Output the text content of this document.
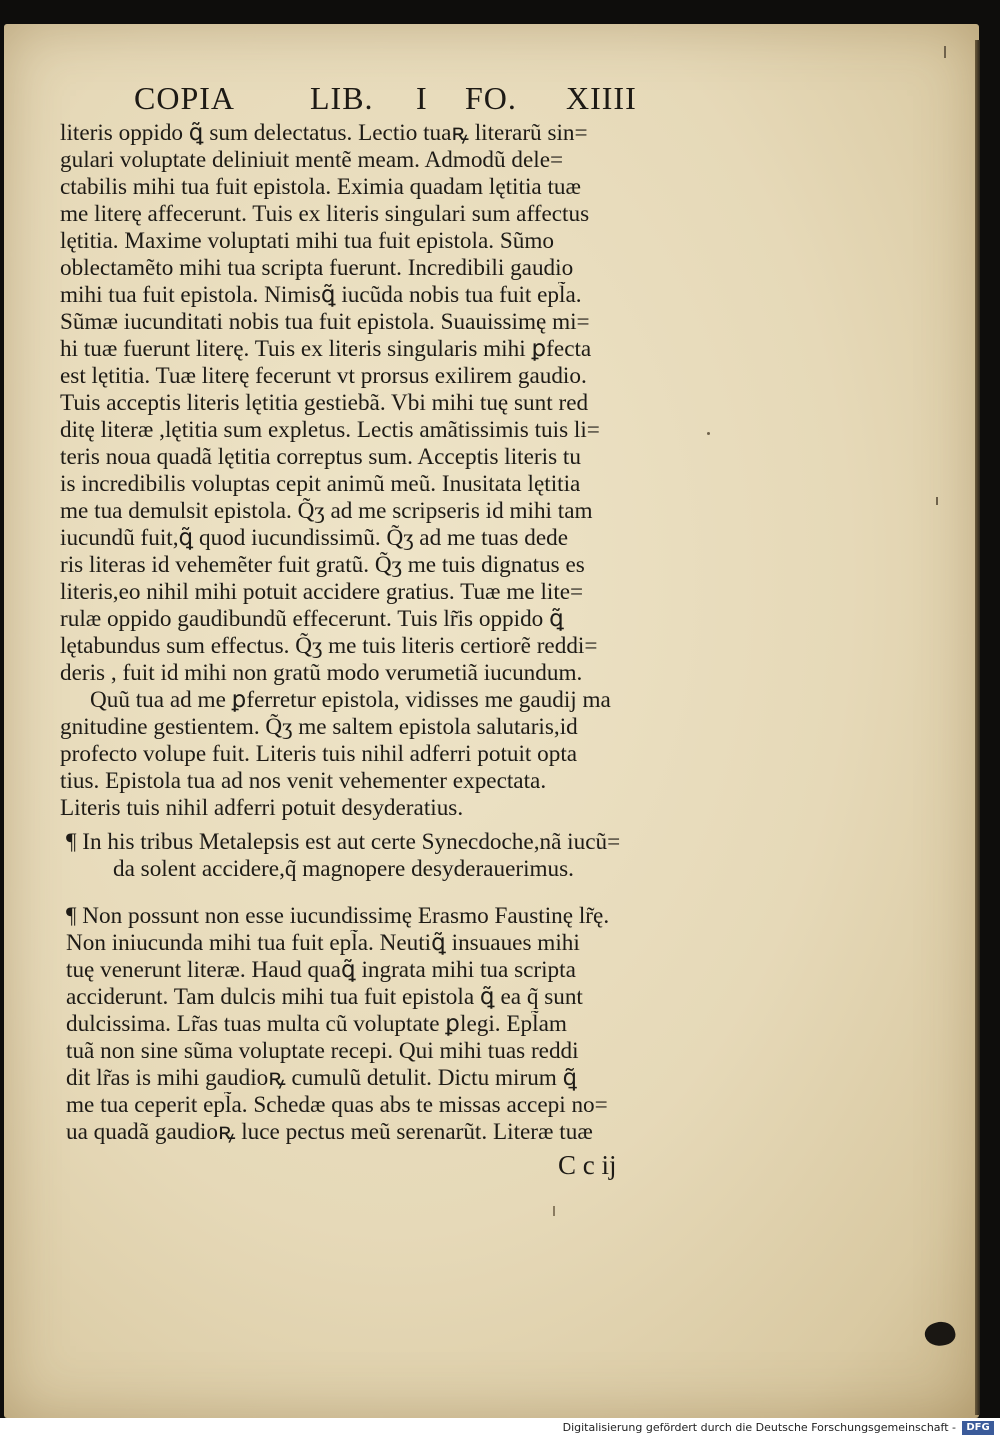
COPIA LIB. I FO. XIIII
literis oppido ꝗ̃ sum delectatus. Lectio tuaꝶ literarũ sin=
gulari voluptate deliniuit mentẽ meam. Admodũ dele=
ctabilis mihi tua fuit epistola. Eximia quadam lętitia tuæ
me literę affecerunt. Tuis ex literis singulari sum affectus
lętitia. Maxime voluptati mihi tua fuit epistola. Sũmo
oblectamẽto mihi tua scripta fuerunt. Incredibili gaudio
mihi tua fuit epistola. Nimisꝗ̃ iucũda nobis tua fuit epl̃a.
Sũmæ iucunditati nobis tua fuit epistola. Suauissimę mi=
hi tuæ fuerunt literę. Tuis ex literis singularis mihi ꝑfecta
est lętitia. Tuæ literę fecerunt vt prorsus exilirem gaudio.
Tuis acceptis literis lętitia gestiebã. Vbi mihi tuę sunt red
ditę literæ ,lętitia sum expletus. Lectis amãtissimis tuis li=
teris noua quadã lętitia correptus sum. Acceptis literis tu
is incredibilis voluptas cepit animũ meũ. Inusitata lętitia
me tua demulsit epistola. Q̃ʒ ad me scripseris id mihi tam
iucundũ fuit,ꝗ̃ quod iucundissimũ. Q̃ʒ ad me tuas dede
ris literas id vehemẽter fuit gratũ. Q̃ʒ me tuis dignatus es
literis,eo nihil mihi potuit accidere gratius. Tuæ me lite=
rulæ oppido gaudibundũ effecerunt. Tuis lr̃is oppido ꝗ̃
lętabundus sum effectus. Q̃ʒ me tuis literis certiorẽ reddi=
deris , fuit id mihi non gratũ modo verumetiã iucundum.
Quũ tua ad me ꝑferretur epistola, vidisses me gaudij ma
gnitudine gestientem. Q̃ʒ me saltem epistola salutaris,id
profecto volupe fuit. Literis tuis nihil adferri potuit opta
tius. Epistola tua ad nos venit vehementer expectata.
Literis tuis nihil adferri potuit desyderatius.
¶ In his tribus Metalepsis est aut certe Synecdoche,nã iucũ=
da solent accidere,q̃ magnopere desyderauerimus.
¶ Non possunt non esse iucundissimę Erasmo Faustinę lr̃ę.
Non iniucunda mihi tua fuit epl̃a. Neutiꝗ̃ insuaues mihi
tuę venerunt literæ. Haud quaꝗ̃ ingrata mihi tua scripta
acciderunt. Tam dulcis mihi tua fuit epistola ꝗ̃ ea q̃ sunt
dulcissima. Lr̃as tuas multa cũ voluptate ꝑlegi. Epl̃am
tuã non sine sũma voluptate recepi. Qui mihi tuas reddi
dit lr̃as is mihi gaudioꝶ cumulũ detulit. Dictu mirum ꝗ̃
me tua ceperit epl̃a. Schedæ quas abs te missas accepi no=
ua quadã gaudioꝶ luce pectus meũ serenarũt. Literæ tuæ
C c ij
Digitalisierung gefördert durch die Deutsche Forschungsgemeinschaft -	DFG
